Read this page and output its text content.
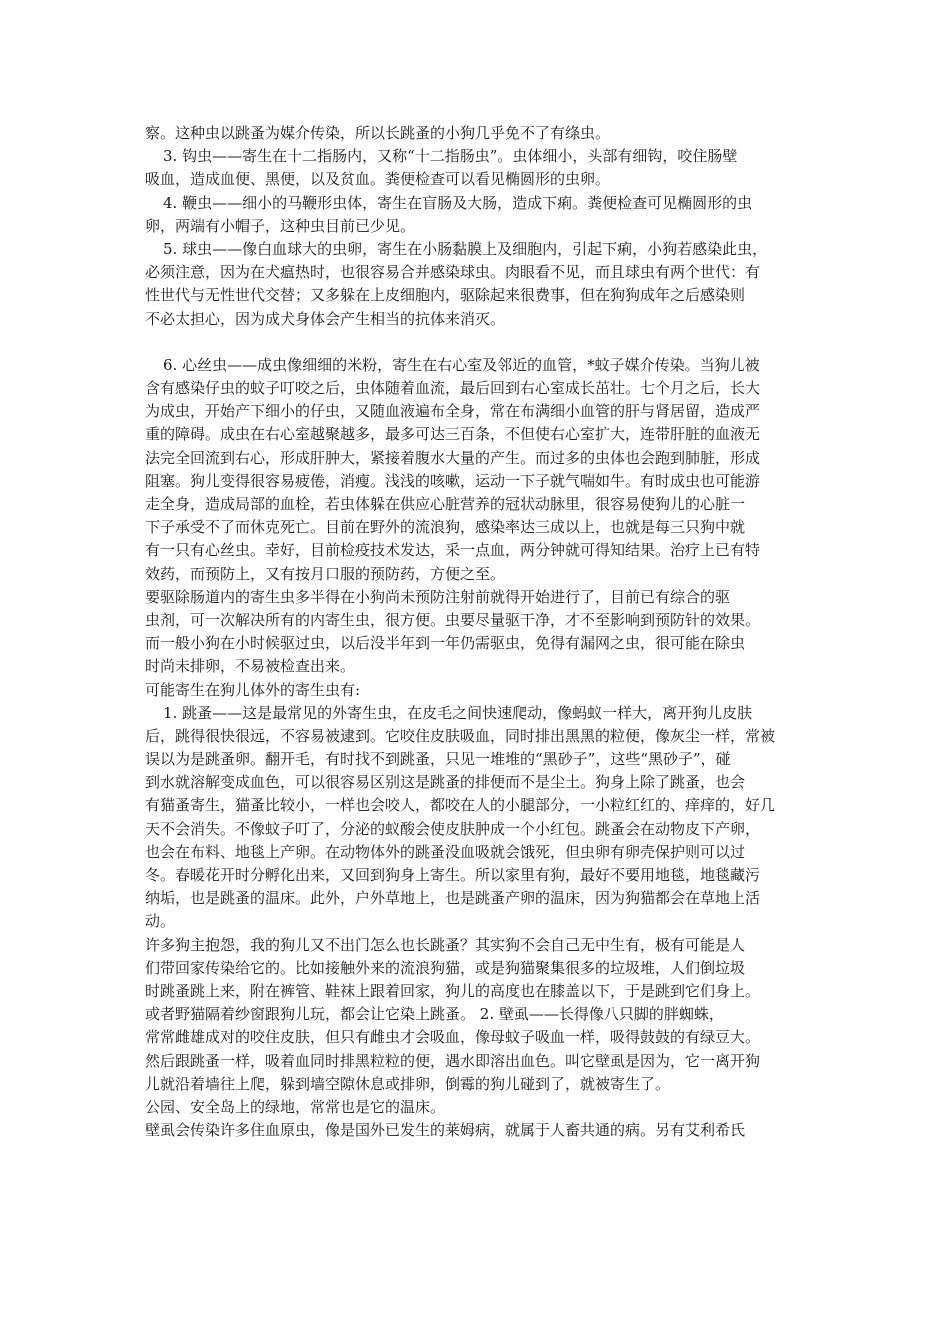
察。这种虫以跳蚤为媒介传染，所以长跳蚤的小狗几乎免不了有绦虫。
3. 钩虫——寄生在十二指肠内，又称“十二指肠虫”。虫体细小，头部有细钩，咬住肠壁
吸血，造成血便、黑便，以及贫血。粪便检查可以看见椭圆形的虫卵。
4. 鞭虫——细小的马鞭形虫体，寄生在盲肠及大肠，造成下痢。粪便检查可见椭圆形的虫
卵，两端有小帽子，这种虫目前已少见。
5. 球虫——像白血球大的虫卵，寄生在小肠黏膜上及细胞内，引起下痢，小狗若感染此虫，
必须注意，因为在犬瘟热时，也很容易合并感染球虫。肉眼看不见，而且球虫有两个世代：有
性世代与无性世代交替；又多躲在上皮细胞内，驱除起来很费事，但在狗狗成年之后感染则
不必太担心，因为成犬身体会产生相当的抗体来消灭。
6. 心丝虫——成虫像细细的米粉，寄生在右心室及邻近的血管，*蚊子媒介传染。当狗儿被
含有感染仔虫的蚊子叮咬之后，虫体随着血流，最后回到右心室成长茁壮。七个月之后，长大
为成虫，开始产下细小的仔虫，又随血液遍布全身，常在布满细小血管的肝与肾居留，造成严
重的障碍。成虫在右心室越聚越多，最多可达三百条，不但使右心室扩大，连带肝脏的血液无
法完全回流到右心，形成肝肿大，紧接着腹水大量的产生。而过多的虫体也会跑到肺脏，形成
阻塞。狗儿变得很容易疲倦，消瘦。浅浅的咳嗽，运动一下子就气喘如牛。有时成虫也可能游
走全身，造成局部的血栓，若虫体躲在供应心脏营养的冠状动脉里，很容易使狗儿的心脏一
下子承受不了而休克死亡。目前在野外的流浪狗，感染率达三成以上，也就是每三只狗中就
有一只有心丝虫。幸好，目前检疫技术发达，采一点血，两分钟就可得知结果。治疗上已有特
效药，而预防上，又有按月口服的预防药，方便之至。
要驱除肠道内的寄生虫多半得在小狗尚未预防注射前就得开始进行了，目前已有综合的驱
虫剂，可一次解决所有的内寄生虫，很方便。虫要尽量驱干净，才不至影响到预防针的效果。
而一般小狗在小时候驱过虫，以后没半年到一年仍需驱虫，免得有漏网之虫，很可能在除虫
时尚未排卵，不易被检查出来。
可能寄生在狗儿体外的寄生虫有:
1. 跳蚤——这是最常见的外寄生虫，在皮毛之间快速爬动，像蚂蚁一样大，离开狗儿皮肤
后，跳得很快很远，不容易被逮到。它咬住皮肤吸血，同时排出黑黑的粒便，像灰尘一样，常被
误以为是跳蚤卵。翻开毛，有时找不到跳蚤，只见一堆堆的“黑砂子”，这些“黑砂子”，碰
到水就溶解变成血色，可以很容易区别这是跳蚤的排便而不是尘土。狗身上除了跳蚤，也会
有猫蚤寄生，猫蚤比较小，一样也会咬人，都咬在人的小腿部分，一小粒红红的、痒痒的，好几
天不会消失。不像蚊子叮了，分泌的蚁酸会使皮肤肿成一个小红包。跳蚤会在动物皮下产卵，
也会在布料、地毯上产卵。在动物体外的跳蚤没血吸就会饿死，但虫卵有卵壳保护则可以过
冬。春暖花开时分孵化出来，又回到狗身上寄生。所以家里有狗，最好不要用地毯，地毯藏污
纳垢，也是跳蚤的温床。此外，户外草地上，也是跳蚤产卵的温床，因为狗猫都会在草地上活
动。
许多狗主抱怨，我的狗儿又不出门怎么也长跳蚤？其实狗不会自己无中生有，极有可能是人
们带回家传染给它的。比如接触外来的流浪狗猫，或是狗猫聚集很多的垃圾堆，人们倒垃圾
时跳蚤跳上来，附在裤管、鞋袜上跟着回家，狗儿的高度也在膝盖以下，于是跳到它们身上。
或者野猫隔着纱窗跟狗儿玩，都会让它染上跳蚤。 2. 壁虱——长得像八只脚的胖蜘蛛，
常常雌雄成对的咬住皮肤，但只有雌虫才会吸血，像母蚊子吸血一样，吸得鼓鼓的有绿豆大。
然后跟跳蚤一样，吸着血同时排黑粒粒的便，遇水即溶出血色。叫它壁虱是因为，它一离开狗
儿就沿着墙往上爬，躲到墙空隙休息或排卵，倒霉的狗儿碰到了，就被寄生了。
公园、安全岛上的绿地，常常也是它的温床。
壁虱会传染许多住血原虫，像是国外已发生的莱姆病，就属于人畜共通的病。另有艾利希氏
